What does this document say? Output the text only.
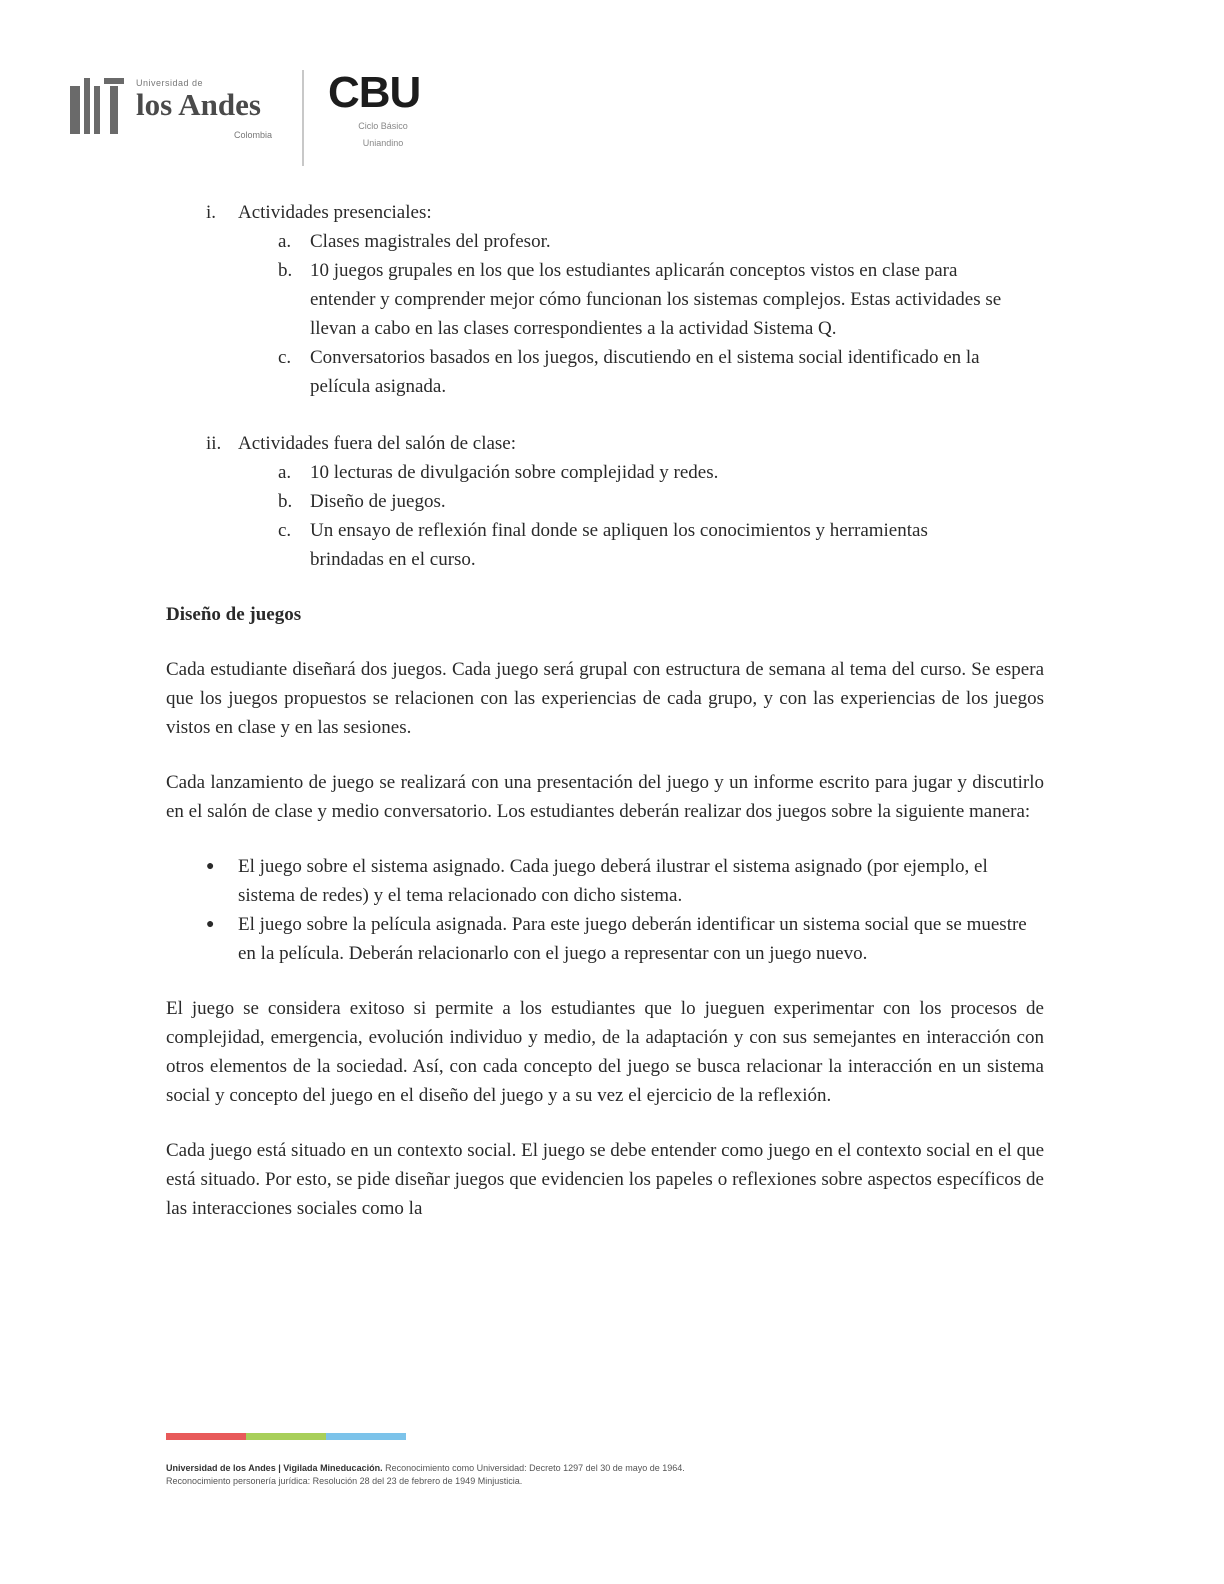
Universidad de
los Andes
Colombia
CBU
Ciclo Básico
Uniandino
i. Actividades presenciales:
a. Clases magistrales del profesor.
b. 10 juegos grupales en los que los estudiantes aplicarán conceptos vistos en clase para entender y comprender mejor cómo funcionan los sistemas complejos. Estas actividades se llevan a cabo en las clases correspondientes a la actividad Sistema Q.
c. Conversatorios basados en los juegos, discutiendo en el sistema social identificado en la película asignada.
ii. Actividades fuera del salón de clase:
a. 10 lecturas de divulgación sobre complejidad y redes.
b. Diseño de juegos.
c. Un ensayo de reflexión final donde se apliquen los conocimientos y herramientas brindadas en el curso.
Diseño de juegos
Cada estudiante diseñará dos juegos. Cada juego será grupal con estructura de semana al tema del curso. Se espera que los juegos propuestos se relacionen con las experiencias de cada grupo, y con las experiencias de los juegos vistos en clase y en las sesiones.
Cada lanzamiento de juego se realizará con una presentación del juego y un informe escrito para jugar y discutirlo en el salón de clase y medio conversatorio. Los estudiantes deberán realizar dos juegos sobre la siguiente manera:
● El juego sobre el sistema asignado. Cada juego deberá ilustrar el sistema asignado (por ejemplo, el sistema de redes) y el tema relacionado con dicho sistema.
● El juego sobre la película asignada. Para este juego deberán identificar un sistema social que se muestre en la película. Deberán relacionarlo con el juego a representar con un juego nuevo.
El juego se considera exitoso si permite a los estudiantes que lo jueguen experimentar con los procesos de complejidad, emergencia, evolución individuo y medio, de la adaptación y con sus semejantes en interacción con otros elementos de la sociedad. Así, con cada concepto del juego se busca relacionar la interacción en un sistema social y concepto del juego en el diseño del juego y a su vez el ejercicio de la reflexión.
Cada juego está situado en un contexto social. El juego se debe entender como juego en el contexto social en el que está situado. Por esto, se pide diseñar juegos que evidencien los papeles o reflexiones sobre aspectos específicos de las interacciones sociales como la
Universidad de los Andes | Vigilada Mineducación. Reconocimiento como Universidad: Decreto 1297 del 30 de mayo de 1964.
Reconocimiento personería jurídica: Resolución 28 del 23 de febrero de 1949 Minjusticia.
